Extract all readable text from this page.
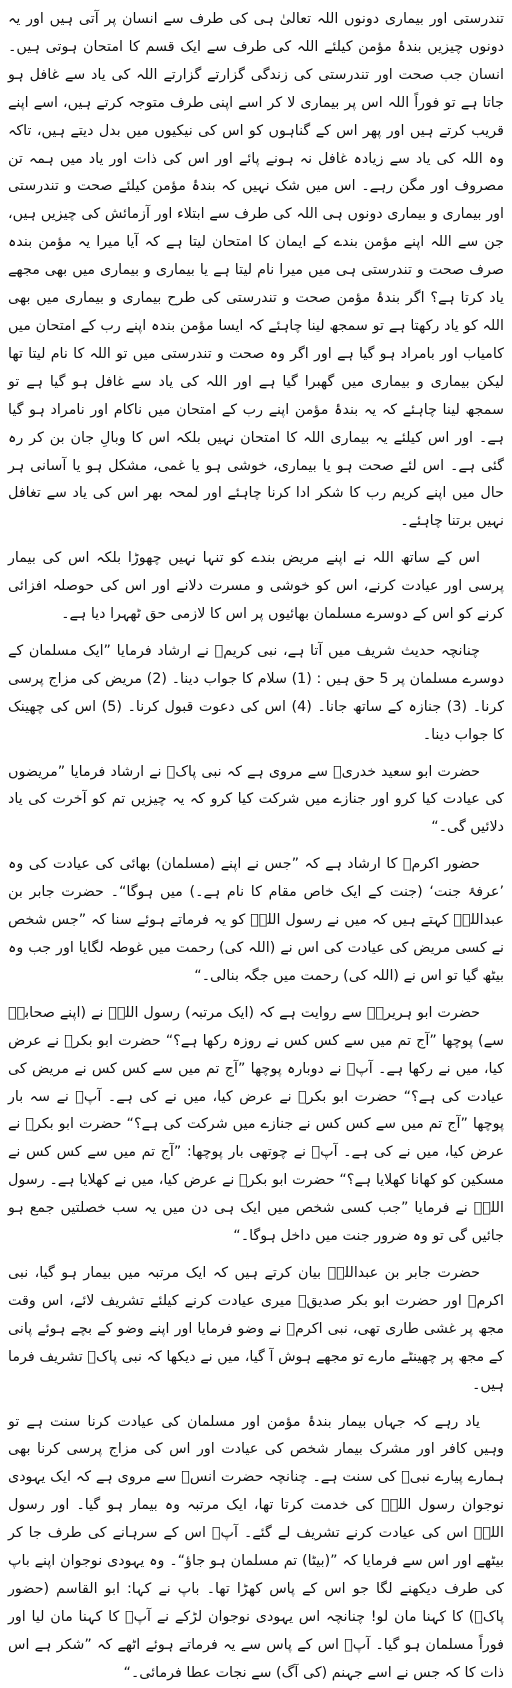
تندرستی اور بیماری دونوں اللہ تعالیٰ ہی کی طرف سے انسان پر آتی ہیں اور یہ دونوں چیزیں بندۂ مؤمن کیلئے اللہ کی طرف سے ایک قسم کا امتحان ہوتی ہیں۔ انسان جب صحت اور تندرستی کی زندگی گزارتے گزارتے اللہ کی یاد سے غافل ہو جاتا ہے تو فوراً اللہ اس پر بیماری لا کر اسے اپنی طرف متوجہ کرتے ہیں، اسے اپنے قریب کرتے ہیں اور پھر اس کے گناہوں کو اس کی نیکیوں میں بدل دیتے ہیں، تاکہ وہ اللہ کی یاد سے زیادہ غافل نہ ہونے پائے اور اس کی ذات اور یاد میں ہمہ تن مصروف اور مگن رہے۔ اس میں شک نہیں کہ بندۂ مؤمن کیلئے صحت و تندرستی اور بیماری و بیماری دونوں ہی اللہ کی طرف سے ابتلاء اور آزمائش کی چیزیں ہیں، جن سے اللہ اپنے مؤمن بندے کے ایمان کا امتحان لیتا ہے کہ آیا میرا یہ مؤمن بندہ صرف صحت و تندرستی ہی میں میرا نام لیتا ہے یا بیماری و بیماری میں بھی مجھے یاد کرتا ہے؟ اگر بندۂ مؤمن صحت و تندرستی کی طرح بیماری و بیماری میں بھی اللہ کو یاد رکھتا ہے تو سمجھ لینا چاہئے کہ ایسا مؤمن بندہ اپنے رب کے امتحان میں کامیاب اور بامراد ہو گیا ہے اور اگر وہ صحت و تندرستی میں تو اللہ کا نام لیتا تھا لیکن بیماری و بیماری میں گھبرا گیا ہے اور اللہ کی یاد سے غافل ہو گیا ہے تو سمجھ لینا چاہئے کہ یہ بندۂ مؤمن اپنے رب کے امتحان میں ناکام اور نامراد ہو گیا ہے۔ اور اس کیلئے یہ بیماری اللہ کا امتحان نہیں بلکہ اس کا وبالِ جان بن کر رہ گئی ہے۔ اس لئے صحت ہو یا بیماری، خوشی ہو یا غمی، مشکل ہو یا آسانی ہر حال میں اپنے کریم رب کا شکر ادا کرنا چاہئے اور لمحہ بھر اس کی یاد سے تغافل نہیں برتنا چاہئے۔

اس کے ساتھ اللہ نے اپنے مریض بندے کو تنہا نہیں چھوڑا بلکہ اس کی بیمار پرسی اور عیادت کرنے، اس کو خوشی و مسرت دلانے اور اس کی حوصلہ افزائی کرنے کو اس کے دوسرے مسلمان بھائیوں پر اس کا لازمی حق ٹھہرا دیا ہے۔

چنانچہ حدیث شریف میں آتا ہے، نبی کریمؐ نے ارشاد فرمایا ”ایک مسلمان کے دوسرے مسلمان پر 5 حق ہیں : (1) سلام کا جواب دینا۔ (2) مریض کی مزاج پرسی کرنا۔ (3) جنازہ کے ساتھ جانا۔ (4) اس کی دعوت قبول کرنا۔ (5) اس کی چھینک کا جواب دینا۔

حضرت ابو سعید خدریؓ سے مروی ہے کہ نبی پاکؐ نے ارشاد فرمایا ”مریضوں کی عیادت کیا کرو اور جنازے میں شرکت کیا کرو کہ یہ چیزیں تم کو آخرت کی یاد دلائیں گی۔“

حضور اکرمؐ کا ارشاد ہے کہ ”جس نے اپنے (مسلمان) بھائی کی عیادت کی وہ ’عرفۂ جنت‘ (جنت کے ایک خاص مقام کا نام ہے۔) میں ہوگا“۔ حضرت جابر بن عبداللہؓ کہتے ہیں کہ میں نے رسول اللہؐ کو یہ فرماتے ہوئے سنا کہ ”جس شخص نے کسی مریض کی عیادت کی اس نے (اللہ کی) رحمت میں غوطہ لگایا اور جب وہ بیٹھ گیا تو اس نے (اللہ کی) رحمت میں جگہ بنالی۔“

حضرت ابو ہریرہؓ سے روایت ہے کہ (ایک مرتبہ) رسول اللہؐ نے (اپنے صحابہؓ سے) پوچھا ”آج تم میں سے کس کس نے روزہ رکھا ہے؟“ حضرت ابو بکرؓ نے عرض کیا، میں نے رکھا ہے۔ آپؐ نے دوبارہ پوچھا ”آج تم میں سے کس کس نے مریض کی عیادت کی ہے؟“ حضرت ابو بکرؓ نے عرض کیا، میں نے کی ہے۔ آپؐ نے سہ بار پوچھا ”آج تم میں سے کس کس نے جنازے میں شرکت کی ہے؟“ حضرت ابو بکرؓ نے عرض کیا، میں نے کی ہے۔ آپؐ نے چوتھی بار پوچھا: ”آج تم میں سے کس کس نے مسکین کو کھانا کھلایا ہے؟“ حضرت ابو بکرؓ نے عرض کیا، میں نے کھلایا ہے۔ رسول اللہؐ نے فرمایا ”جب کسی شخص میں ایک ہی دن میں یہ سب خصلتیں جمع ہو جائیں گی تو وہ ضرور جنت میں داخل ہوگا۔“

حضرت جابر بن عبداللہؓ بیان کرتے ہیں کہ ایک مرتبہ میں بیمار ہو گیا، نبی اکرمؐ اور حضرت ابو بکر صدیقؓ میری عیادت کرنے کیلئے تشریف لائے، اس وقت مجھ پر غشی طاری تھی، نبی اکرمؐ نے وضو فرمایا اور اپنے وضو کے بچے ہوئے پانی کے مجھ پر چھینٹے مارے تو مجھے ہوش آ گیا، میں نے دیکھا کہ نبی پاکؐ تشریف فرما ہیں۔

یاد رہے کہ جہاں بیمار بندۂ مؤمن اور مسلمان کی عیادت کرنا سنت ہے تو وہیں کافر اور مشرک بیمار شخص کی عیادت اور اس کی مزاج پرسی کرنا بھی ہمارے پیارے نبیؐ کی سنت ہے۔ چنانچہ حضرت انسؓ سے مروی ہے کہ ایک یہودی نوجوان رسول اللہؐ کی خدمت کرتا تھا، ایک مرتبہ وہ بیمار ہو گیا۔ اور رسول اللہؐ اس کی عیادت کرنے تشریف لے گئے۔ آپؐ اس کے سرہانے کی طرف جا کر بیٹھے اور اس سے فرمایا کہ ”(بیٹا) تم مسلمان ہو جاؤ“۔ وہ یہودی نوجوان اپنے باپ کی طرف دیکھنے لگا جو اس کے پاس کھڑا تھا۔ باپ نے کہا: ابو القاسم (حضور پاکؐ) کا کہنا مان لو! چنانچہ اس یہودی نوجوان لڑکے نے آپؐ کا کہنا مان لیا اور فوراً مسلمان ہو گیا۔ آپؐ اس کے پاس سے یہ فرماتے ہوئے اٹھے کہ ”شکر ہے اس ذات کا کہ جس نے اسے جہنم (کی آگ) سے نجات عطا فرمائی۔“
